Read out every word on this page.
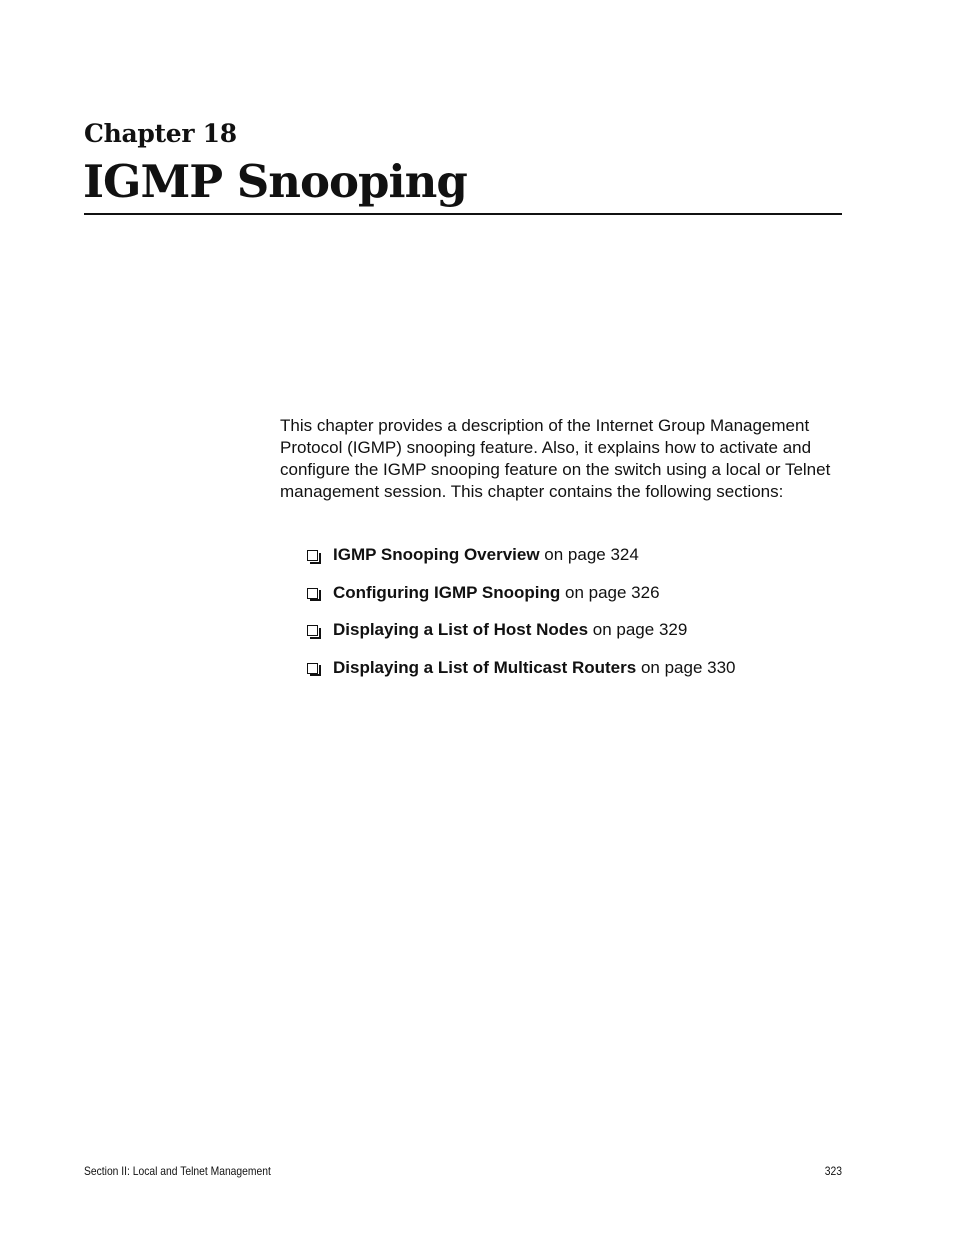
Chapter 18
IGMP Snooping

This chapter provides a description of the Internet Group Management Protocol (IGMP) snooping feature. Also, it explains how to activate and configure the IGMP snooping feature on the switch using a local or Telnet management session. This chapter contains the following sections:

IGMP Snooping Overview on page 324
Configuring IGMP Snooping on page 326
Displaying a List of Host Nodes on page 329
Displaying a List of Multicast Routers on page 330
Section II: Local and Telnet Management	323
